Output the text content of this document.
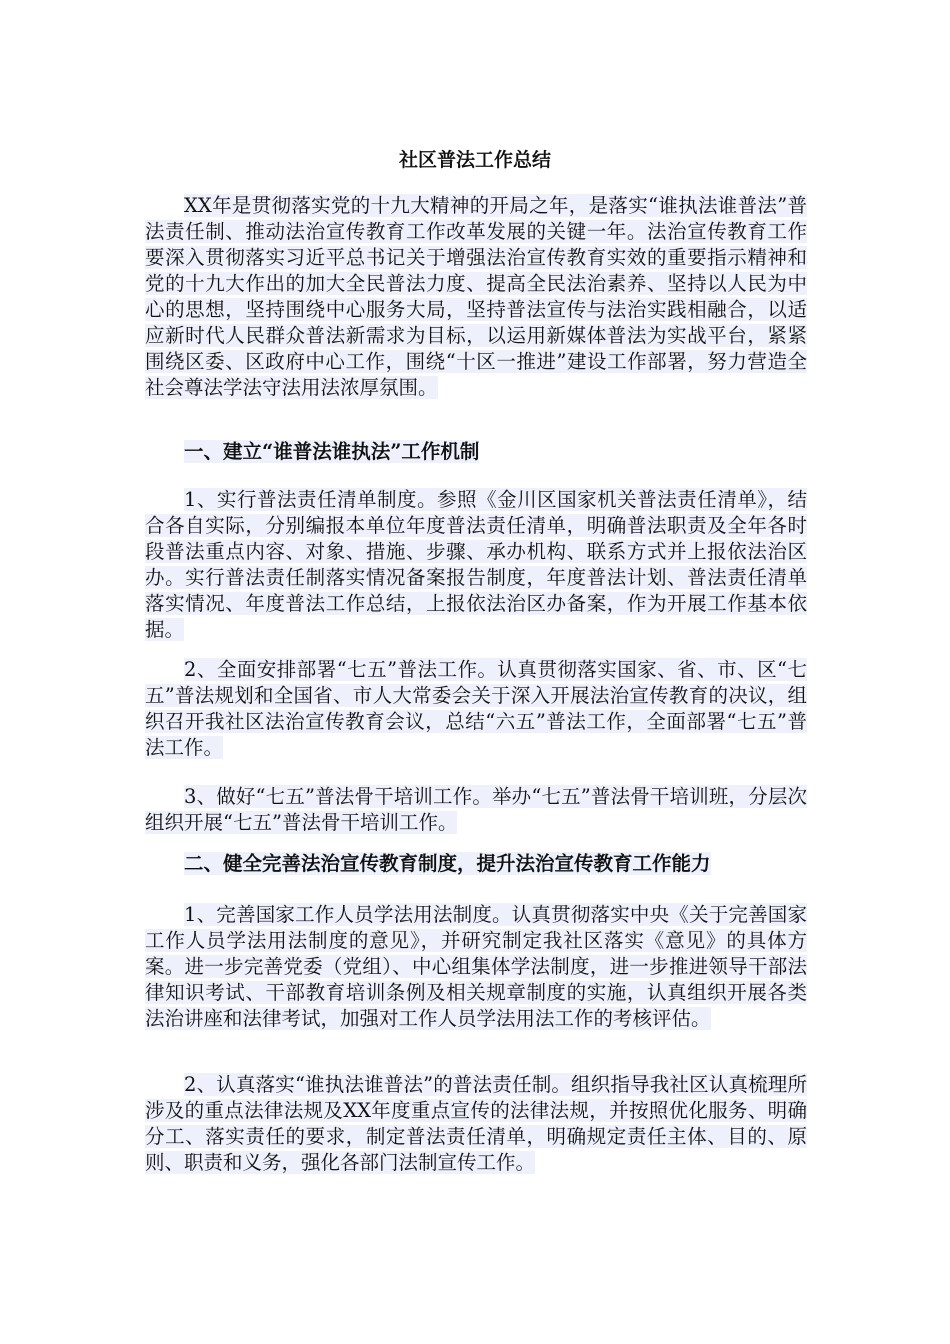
社区普法工作总结
XX年是贯彻落实党的十九大精神的开局之年，是落实“谁执法谁普法”普法责任制、推动法治宣传教育工作改革发展的关键一年。法治宣传教育工作要深入贯彻落实习近平总书记关于增强法治宣传教育实效的重要指示精神和党的十九大作出的加大全民普法力度、提高全民法治素养、坚持以人民为中心的思想，坚持围绕中心服务大局，坚持普法宣传与法治实践相融合，以适应新时代人民群众普法新需求为目标，以运用新媒体普法为实战平台，紧紧围绕区委、区政府中心工作，围绕“十区一推进”建设工作部署，努力营造全社会尊法学法守法用法浓厚氛围。
一、建立“谁普法谁执法”工作机制
1、实行普法责任清单制度。参照《金川区国家机关普法责任清单》，结合各自实际，分别编报本单位年度普法责任清单，明确普法职责及全年各时段普法重点内容、对象、措施、步骤、承办机构、联系方式并上报依法治区办。实行普法责任制落实情况备案报告制度，年度普法计划、普法责任清单落实情况、年度普法工作总结，上报依法治区办备案，作为开展工作基本依据。
2、全面安排部署“七五”普法工作。认真贯彻落实国家、省、市、区“七五”普法规划和全国省、市人大常委会关于深入开展法治宣传教育的决议，组织召开我社区法治宣传教育会议，总结“六五”普法工作，全面部署“七五”普法工作。
3、做好“七五”普法骨干培训工作。举办“七五”普法骨干培训班，分层次组织开展“七五”普法骨干培训工作。
二、健全完善法治宣传教育制度，提升法治宣传教育工作能力
1、完善国家工作人员学法用法制度。认真贯彻落实中央《关于完善国家工作人员学法用法制度的意见》，并研究制定我社区落实《意见》的具体方案。进一步完善党委（党组）、中心组集体学法制度，进一步推进领导干部法律知识考试、干部教育培训条例及相关规章制度的实施，认真组织开展各类法治讲座和法律考试，加强对工作人员学法用法工作的考核评估。
2、认真落实“谁执法谁普法”的普法责任制。组织指导我社区认真梳理所涉及的重点法律法规及XX年度重点宣传的法律法规，并按照优化服务、明确分工、落实责任的要求，制定普法责任清单，明确规定责任主体、目的、原则、职责和义务，强化各部门法制宣传工作。
